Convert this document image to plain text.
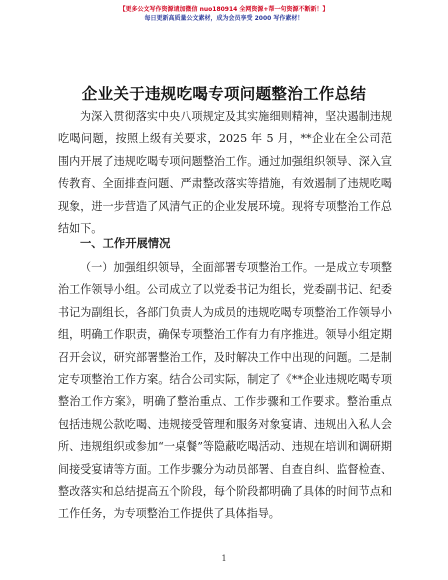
【更多公文写作资源请加微信 nuo180914 全网资源+帮一句资源不断新！】
每日更新高质量公文素材，成为会员享受 2000 写作素材！
企业关于违规吃喝专项问题整治工作总结

为深入贯彻落实中央八项规定及其实施细则精神，坚决遏制违规吃喝问题，按照上级有关要求，2025 年 5 月，**企业在全公司范围内开展了违规吃喝专项问题整治工作。通过加强组织领导、深入宣传教育、全面排查问题、严肃整改落实等措施，有效遏制了违规吃喝现象，进一步营造了风清气正的企业发展环境。现将专项整治工作总结如下。

一、工作开展情况

（一）加强组织领导，全面部署专项整治工作。一是成立专项整治工作领导小组。公司成立了以党委书记为组长，党委副书记、纪委书记为副组长，各部门负责人为成员的违规吃喝专项整治工作领导小组，明确工作职责，确保专项整治工作有力有序推进。领导小组定期召开会议，研究部署整治工作，及时解决工作中出现的问题。二是制定专项整治工作方案。结合公司实际，制定了《**企业违规吃喝专项整治工作方案》，明确了整治重点、工作步骤和工作要求。整治重点包括违规公款吃喝、违规接受管理和服务对象宴请、违规出入私人会所、违规组织或参加“一桌餐”等隐蔽吃喝活动、违规在培训和调研期间接受宴请等方面。工作步骤分为动员部署、自查自纠、监督检查、整改落实和总结提高五个阶段，每个阶段都明确了具体的时间节点和工作任务，为专项整治工作提供了具体指导。

1
